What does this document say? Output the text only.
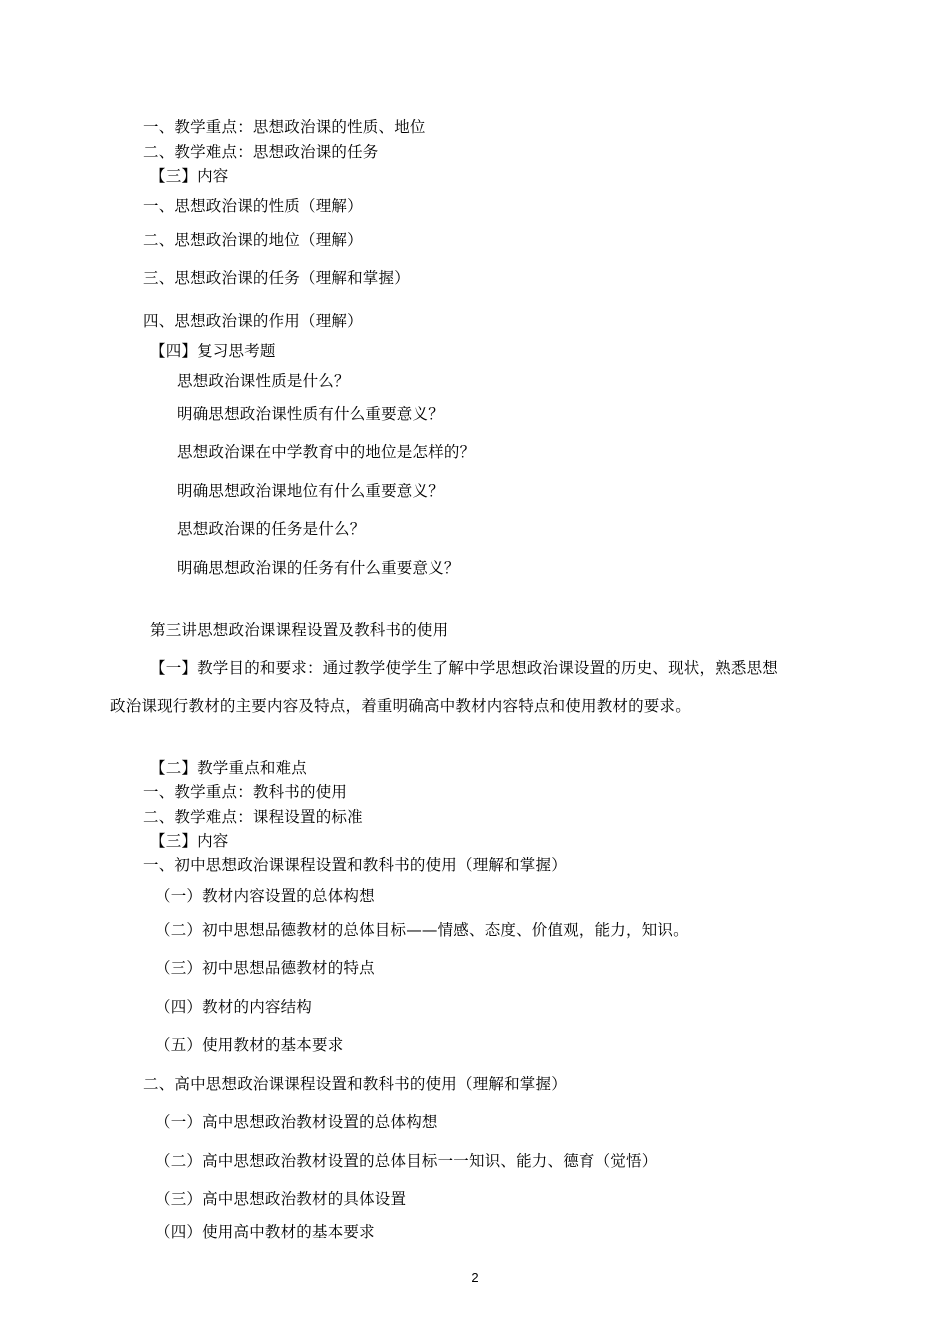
一、教学重点：思想政治课的性质、地位
二、教学难点：思想政治课的任务
【三】内容
一、思想政治课的性质（理解）
二、思想政治课的地位（理解）
三、思想政治课的任务（理解和掌握）
四、思想政治课的作用（理解）
【四】复习思考题
思想政治课性质是什么？
明确思想政治课性质有什么重要意义？
思想政治课在中学教育中的地位是怎样的？
明确思想政治课地位有什么重要意义？
思想政治课的任务是什么？
明确思想政治课的任务有什么重要意义？
第三讲思想政治课课程设置及教科书的使用
【一】教学目的和要求：通过教学使学生了解中学思想政治课设置的历史、现状，熟悉思想
政治课现行教材的主要内容及特点，着重明确高中教材内容特点和使用教材的要求。
【二】教学重点和难点
一、教学重点：教科书的使用
二、教学难点：课程设置的标准
【三】内容
一、初中思想政治课课程设置和教科书的使用（理解和掌握）
（一）教材内容设置的总体构想
（二）初中思想品德教材的总体目标——情感、态度、价值观，能力，知识。
（三）初中思想品德教材的特点
（四）教材的内容结构
（五）使用教材的基本要求
二、高中思想政治课课程设置和教科书的使用（理解和掌握）
（一）高中思想政治教材设置的总体构想
（二）高中思想政治教材设置的总体目标一一知识、能力、德育（觉悟）
（三）高中思想政治教材的具体设置
（四）使用高中教材的基本要求
2
